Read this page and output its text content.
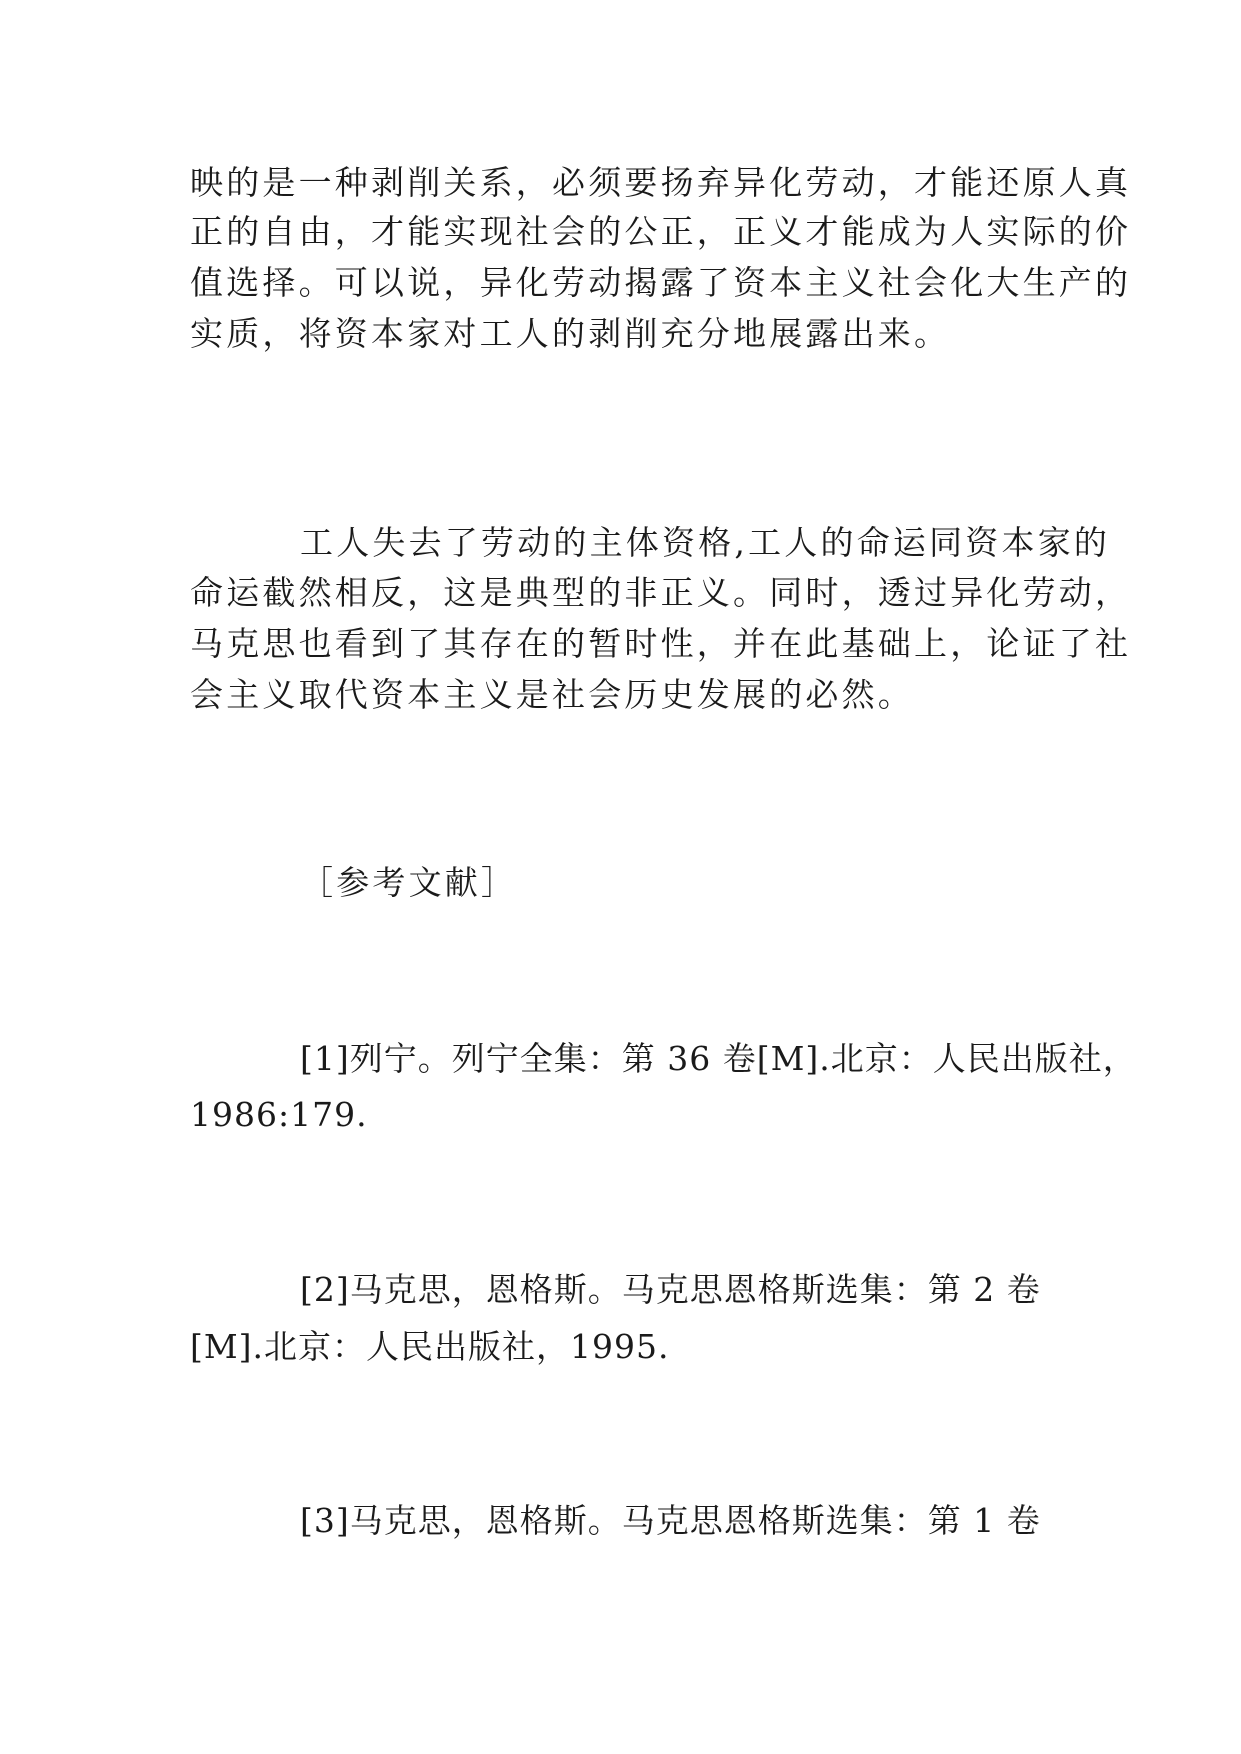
映的是一种剥削关系，必须要扬弃异化劳动，才能还原人真
正的自由，才能实现社会的公正，正义才能成为人实际的价
值选择。可以说，异化劳动揭露了资本主义社会化大生产的
实质，将资本家对工人的剥削充分地展露出来。
工人失去了劳动的主体资格,工人的命运同资本家的
命运截然相反，这是典型的非正义。同时，透过异化劳动，
马克思也看到了其存在的暂时性，并在此基础上，论证了社
会主义取代资本主义是社会历史发展的必然。
［参考文献］
[1]列宁。列宁全集：第 36 卷[M].北京：人民出版社，
1986:179.
[2]马克思，恩格斯。马克思恩格斯选集：第 2 卷
[M].北京：人民出版社，1995.
[3]马克思，恩格斯。马克思恩格斯选集：第 1 卷
